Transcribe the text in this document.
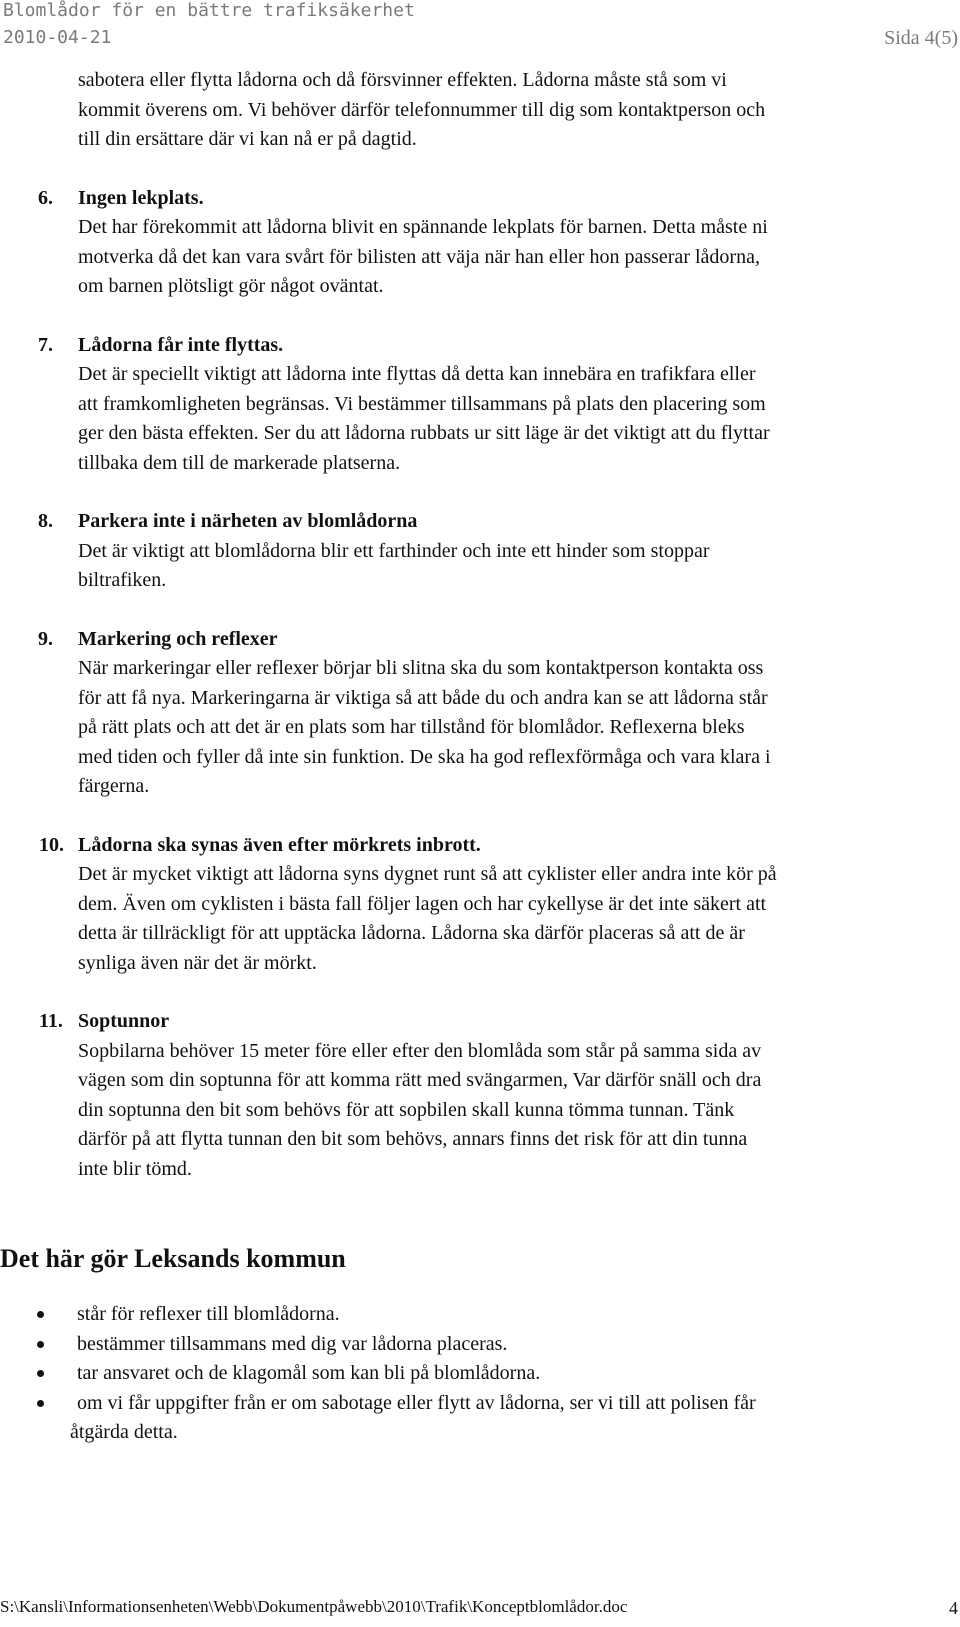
Blomlådor för en bättre trafiksäkerhet
2010-04-21	Sida 4(5)

sabotera eller flytta lådorna och då försvinner effekten. Lådorna måste stå som vi
kommit överens om. Vi behöver därför telefonnummer till dig som kontaktperson och
till din ersättare där vi kan nå er på dagtid.

6. Ingen lekplats.
Det har förekommit att lådorna blivit en spännande lekplats för barnen. Detta måste ni
motverka då det kan vara svårt för bilisten att väja när han eller hon passerar lådorna,
om barnen plötsligt gör något oväntat.
7. Lådorna får inte flyttas.
Det är speciellt viktigt att lådorna inte flyttas då detta kan innebära en trafikfara eller
att framkomligheten begränsas. Vi bestämmer tillsammans på plats den placering som
ger den bästa effekten. Ser du att lådorna rubbats ur sitt läge är det viktigt att du flyttar
tillbaka dem till de markerade platserna.
8. Parkera inte i närheten av blomlådorna
Det är viktigt att blomlådorna blir ett farthinder och inte ett hinder som stoppar
biltrafiken.
9. Markering och reflexer
När markeringar eller reflexer börjar bli slitna ska du som kontaktperson kontakta oss
för att få nya. Markeringarna är viktiga så att både du och andra kan se att lådorna står
på rätt plats och att det är en plats som har tillstånd för blomlådor. Reflexerna bleks
med tiden och fyller då inte sin funktion. De ska ha god reflexförmåga och vara klara i
färgerna.
10. Lådorna ska synas även efter mörkrets inbrott.
Det är mycket viktigt att lådorna syns dygnet runt så att cyklister eller andra inte kör på
dem. Även om cyklisten i bästa fall följer lagen och har cykellyse är det inte säkert att
detta är tillräckligt för att upptäcka lådorna. Lådorna ska därför placeras så att de är
synliga även när det är mörkt.
11. Soptunnor
Sopbilarna behöver 15 meter före eller efter den blomlåda som står på samma sida av
vägen som din soptunna för att komma rätt med svängarmen, Var därför snäll och dra
din soptunna den bit som behövs för att sopbilen skall kunna tömma tunnan. Tänk
därför på att flytta tunnan den bit som behövs, annars finns det risk för att din tunna
inte blir tömd.
Det här gör Leksands kommun
står för reflexer till blomlådorna.
bestämmer tillsammans med dig var lådorna placeras.
tar ansvaret och de klagomål som kan bli på blomlådorna.
om vi får uppgifter från er om sabotage eller flytt av lådorna, ser vi till att polisen får
åtgärda detta.
S:\Kansli\Informationsenheten\Webb\Dokumentpåwebb\2010\Trafik\Konceptblomlådor.doc	4
